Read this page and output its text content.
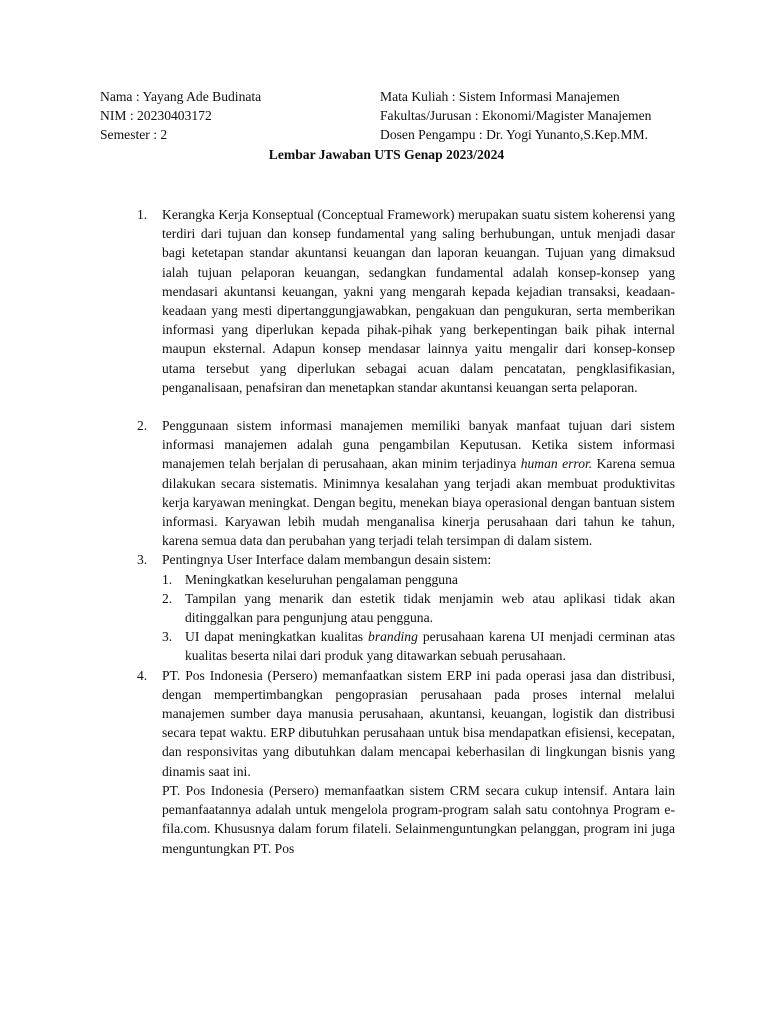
Nama : Yayang Ade Budinata	Mata Kuliah : Sistem Informasi Manajemen
NIM : 20230403172	Fakultas/Jurusan : Ekonomi/Magister Manajemen
Semester : 2	Dosen Pengampu : Dr. Yogi Yunanto,S.Kep.MM.
Lembar Jawaban UTS Genap 2023/2024
1.	Kerangka Kerja Konseptual (Conceptual Framework) merupakan suatu sistem koherensi yang terdiri dari tujuan dan konsep fundamental yang saling berhubungan, untuk menjadi dasar bagi ketetapan standar akuntansi keuangan dan laporan keuangan. Tujuan yang dimaksud ialah tujuan pelaporan keuangan, sedangkan fundamental adalah konsep-konsep yang mendasari akuntansi keuangan, yakni yang mengarah kepada kejadian transaksi, keadaan-keadaan yang mesti dipertanggungjawabkan, pengakuan dan pengukuran, serta memberikan informasi yang diperlukan kepada pihak-pihak yang berkepentingan baik pihak internal maupun eksternal. Adapun konsep mendasar lainnya yaitu mengalir dari konsep-konsep utama tersebut yang diperlukan sebagai acuan dalam pencatatan, pengklasifikasian, penganalisaan, penafsiran dan menetapkan standar akuntansi keuangan serta pelaporan.
2.	Penggunaan sistem informasi manajemen memiliki banyak manfaat tujuan dari sistem informasi manajemen adalah guna pengambilan Keputusan. Ketika sistem informasi manajemen telah berjalan di perusahaan, akan minim terjadinya human error. Karena semua dilakukan secara sistematis. Minimnya kesalahan yang terjadi akan membuat produktivitas kerja karyawan meningkat. Dengan begitu, menekan biaya operasional dengan bantuan sistem informasi. Karyawan lebih mudah menganalisa kinerja perusahaan dari tahun ke tahun, karena semua data dan perubahan yang terjadi telah tersimpan di dalam sistem.
3.	Pentingnya User Interface dalam membangun desain sistem:
1. Meningkatkan keseluruhan pengalaman pengguna
2. Tampilan yang menarik dan estetik tidak menjamin web atau aplikasi tidak akan ditinggalkan para pengunjung atau pengguna.
3. UI dapat meningkatkan kualitas branding perusahaan karena UI menjadi cerminan atas kualitas beserta nilai dari produk yang ditawarkan sebuah perusahaan.
4.	PT. Pos Indonesia (Persero) memanfaatkan sistem ERP ini pada operasi jasa dan distribusi, dengan mempertimbangkan pengoprasian perusahaan pada proses internal melalui manajemen sumber daya manusia perusahaan, akuntansi, keuangan, logistik dan distribusi secara tepat waktu. ERP dibutuhkan perusahaan untuk bisa mendapatkan efisiensi, kecepatan, dan responsivitas yang dibutuhkan dalam mencapai keberhasilan di lingkungan bisnis yang dinamis saat ini.
PT. Pos Indonesia (Persero) memanfaatkan sistem CRM secara cukup intensif. Antara lain pemanfaatannya adalah untuk mengelola program-program salah satu contohnya Program e-fila.com. Khususnya dalam forum filateli. Selainmenguntungkan pelanggan, program ini juga menguntungkan PT. Pos
